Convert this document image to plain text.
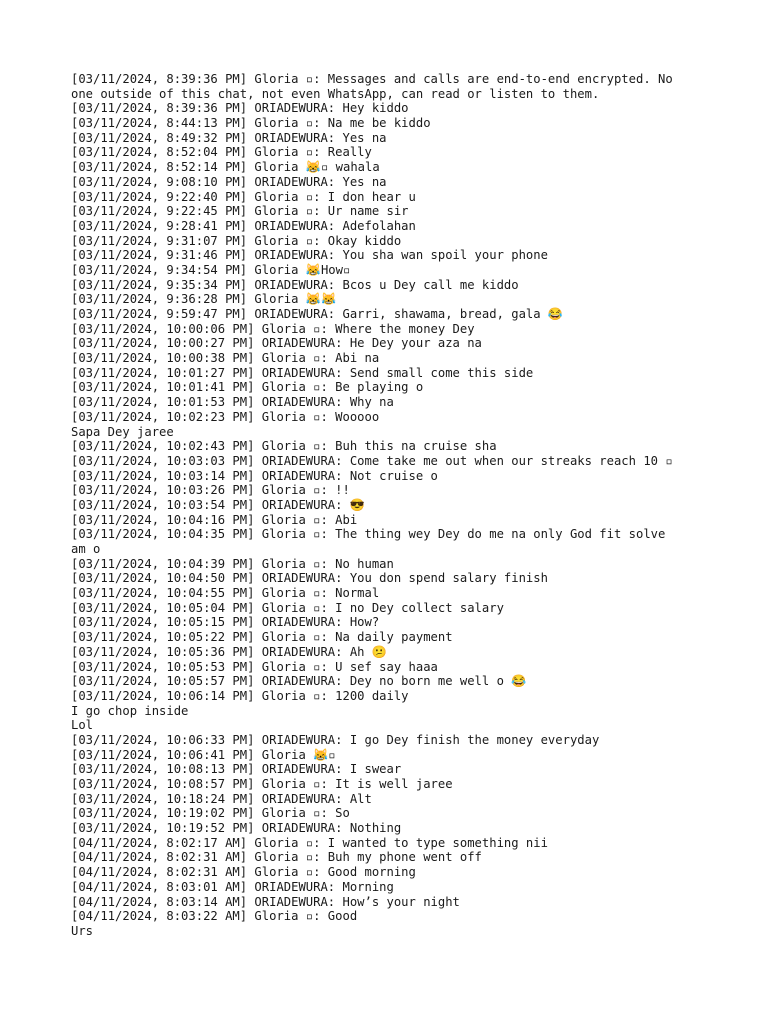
[03/11/2024, 8:39:36 PM] Gloria ▫: Messages and calls are end-to-end encrypted. No
one outside of this chat, not even WhatsApp, can read or listen to them.
[03/11/2024, 8:39:36 PM] ORIADEWURA: Hey kiddo
[03/11/2024, 8:44:13 PM] Gloria ▫: Na me be kiddo
[03/11/2024, 8:49:32 PM] ORIADEWURA: Yes na
[03/11/2024, 8:52:04 PM] Gloria ▫: Really
[03/11/2024, 8:52:14 PM] Gloria 😹▫ wahala
[03/11/2024, 9:08:10 PM] ORIADEWURA: Yes na
[03/11/2024, 9:22:40 PM] Gloria ▫: I don hear u
[03/11/2024, 9:22:45 PM] Gloria ▫: Ur name sir
[03/11/2024, 9:28:41 PM] ORIADEWURA: Adefolahan
[03/11/2024, 9:31:07 PM] Gloria ▫: Okay kiddo
[03/11/2024, 9:31:46 PM] ORIADEWURA: You sha wan spoil your phone
[03/11/2024, 9:34:54 PM] Gloria 😹How▫
[03/11/2024, 9:35:34 PM] ORIADEWURA: Bcos u Dey call me kiddo
[03/11/2024, 9:36:28 PM] Gloria 😹😹
[03/11/2024, 9:59:47 PM] ORIADEWURA: Garri, shawama, bread, gala 😂
[03/11/2024, 10:00:06 PM] Gloria ▫: Where the money Dey
[03/11/2024, 10:00:27 PM] ORIADEWURA: He Dey your aza na
[03/11/2024, 10:00:38 PM] Gloria ▫: Abi na
[03/11/2024, 10:01:27 PM] ORIADEWURA: Send small come this side
[03/11/2024, 10:01:41 PM] Gloria ▫: Be playing o
[03/11/2024, 10:01:53 PM] ORIADEWURA: Why na
[03/11/2024, 10:02:23 PM] Gloria ▫: Wooooo
Sapa Dey jaree
[03/11/2024, 10:02:43 PM] Gloria ▫: Buh this na cruise sha
[03/11/2024, 10:03:03 PM] ORIADEWURA: Come take me out when our streaks reach 10 ▫
[03/11/2024, 10:03:14 PM] ORIADEWURA: Not cruise o
[03/11/2024, 10:03:26 PM] Gloria ▫: !!
[03/11/2024, 10:03:54 PM] ORIADEWURA: 😎
[03/11/2024, 10:04:16 PM] Gloria ▫: Abi
[03/11/2024, 10:04:35 PM] Gloria ▫: The thing wey Dey do me na only God fit solve
am o
[03/11/2024, 10:04:39 PM] Gloria ▫: No human
[03/11/2024, 10:04:50 PM] ORIADEWURA: You don spend salary finish
[03/11/2024, 10:04:55 PM] Gloria ▫: Normal
[03/11/2024, 10:05:04 PM] Gloria ▫: I no Dey collect salary
[03/11/2024, 10:05:15 PM] ORIADEWURA: How?
[03/11/2024, 10:05:22 PM] Gloria ▫: Na daily payment
[03/11/2024, 10:05:36 PM] ORIADEWURA: Ah 😕
[03/11/2024, 10:05:53 PM] Gloria ▫: U sef say haaa
[03/11/2024, 10:05:57 PM] ORIADEWURA: Dey no born me well o 😂
[03/11/2024, 10:06:14 PM] Gloria ▫: 1200 daily
I go chop inside
Lol
[03/11/2024, 10:06:33 PM] ORIADEWURA: I go Dey finish the money everyday
[03/11/2024, 10:06:41 PM] Gloria 😹▫
[03/11/2024, 10:08:13 PM] ORIADEWURA: I swear
[03/11/2024, 10:08:57 PM] Gloria ▫: It is well jaree
[03/11/2024, 10:18:24 PM] ORIADEWURA: Alt
[03/11/2024, 10:19:02 PM] Gloria ▫: So
[03/11/2024, 10:19:52 PM] ORIADEWURA: Nothing
[04/11/2024, 8:02:17 AM] Gloria ▫: I wanted to type something nii
[04/11/2024, 8:02:31 AM] Gloria ▫: Buh my phone went off
[04/11/2024, 8:02:31 AM] Gloria ▫: Good morning
[04/11/2024, 8:03:01 AM] ORIADEWURA: Morning
[04/11/2024, 8:03:14 AM] ORIADEWURA: How’s your night
[04/11/2024, 8:03:22 AM] Gloria ▫: Good
Urs
